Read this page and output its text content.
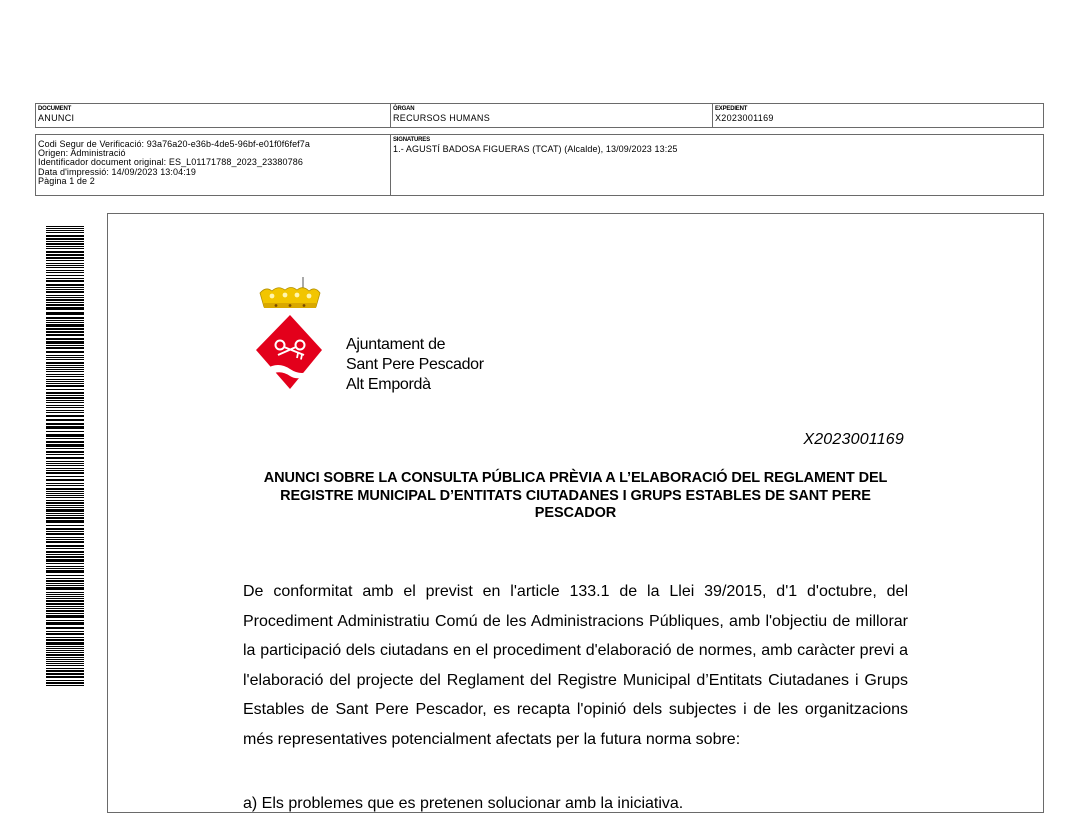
DOCUMENT
ANUNCI
ÒRGAN
RECURSOS HUMANS
EXPEDIENT
X2023001169
Codi Segur de Verificació: 93a76a20-e36b-4de5-96bf-e01f0f6fef7a
Origen: Administració
Identificador document original: ES_L01171788_2023_23380786
Data d'impressió: 14/09/2023 13:04:19
Pàgina 1 de 2
SIGNATURES
1.- AGUSTÍ BADOSA FIGUERAS (TCAT) (Alcalde), 13/09/2023 13:25
Ajuntament de
Sant Pere Pescador
Alt Empordà
X2023001169
ANUNCI SOBRE LA CONSULTA PÚBLICA PRÈVIA A L’ELABORACIÓ DEL REGLAMENT DEL REGISTRE MUNICIPAL D’ENTITATS CIUTADANES I GRUPS ESTABLES DE SANT PERE PESCADOR
De conformitat amb el previst en l'article 133.1 de la Llei 39/2015, d'1 d'octubre, del Procediment Administratiu Comú de les Administracions Públiques, amb l'objectiu de millorar la participació dels ciutadans en el procediment d'elaboració de normes, amb caràcter previ a l'elaboració del projecte del Reglament del Registre Municipal d’Entitats Ciutadanes i Grups Estables de Sant Pere Pescador, es recapta l'opinió dels subjectes i de les organitzacions més representatives potencialment afectats per la futura norma sobre:
a) Els problemes que es pretenen solucionar amb la iniciativa.
